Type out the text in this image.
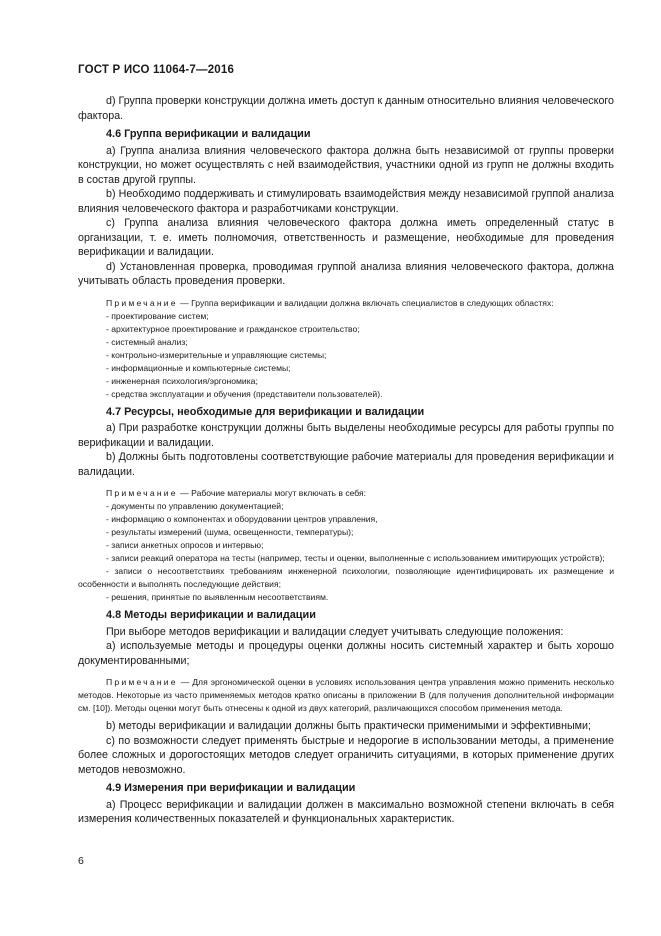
ГОСТ Р ИСО 11064-7—2016

d) Группа проверки конструкции должна иметь доступ к данным относительно влияния человеческого фактора.

4.6 Группа верификации и валидации

а) Группа анализа влияния человеческого фактора должна быть независимой от группы проверки конструкции, но может осуществлять с ней взаимодействия, участники одной из групп не должны входить в состав другой группы.

b) Необходимо поддерживать и стимулировать взаимодействия между независимой группой анализа влияния человеческого фактора и разработчиками конструкции.

с) Группа анализа влияния человеческого фактора должна иметь определенный статус в организации, т. е. иметь полномочия, ответственность и размещение, необходимые для проведения верификации и валидации.

d) Установленная проверка, проводимая группой анализа влияния человеческого фактора, должна учитывать область проведения проверки.

Примечание — Группа верификации и валидации должна включать специалистов в следующих областях:

- проектирование систем;

- архитектурное проектирование и гражданское строительство;

- системный анализ;

- контрольно-измерительные и управляющие системы;

- информационные и компьютерные системы;

- инженерная психология/эргономика;

- средства эксплуатации и обучения (представители пользователей).

4.7 Ресурсы, необходимые для верификации и валидации

а) При разработке конструкции должны быть выделены необходимые ресурсы для работы группы по верификации и валидации.

b) Должны быть подготовлены соответствующие рабочие материалы для проведения верификации и валидации.

Примечание — Рабочие материалы могут включать в себя:

- документы по управлению документацией;

- информацию о компонентах и оборудовании центров управления,

- результаты измерений (шума, освещенности, температуры);

- записи анкетных опросов и интервью;

- записи реакций оператора на тесты (например, тесты и оценки, выполненные с использованием имитирующих устройств);

- записи о несоответствиях требованиям инженерной психологии, позволяющие идентифицировать их размещение и особенности и выполнять последующие действия;

- решения, принятые по выявленным несоответствиям.

4.8 Методы верификации и валидации

При выборе методов верификации и валидации следует учитывать следующие положения:

а) используемые методы и процедуры оценки должны носить системный характер и быть хорошо документированными;

Примечание — Для эргономической оценки в условиях использования центра управления можно применить несколько методов. Некоторые из часто применяемых методов кратко описаны в приложении В (для получения дополнительной информации см. [10]). Методы оценки могут быть отнесены к одной из двух категорий, различающихся способом применения метода.

b) методы верификации и валидации должны быть практически применимыми и эффективными;

с) по возможности следует применять быстрые и недорогие в использовании методы, а применение более сложных и дорогостоящих методов следует ограничить ситуациями, в которых применение других методов невозможно.

4.9 Измерения при верификации и валидации

а) Процесс верификации и валидации должен в максимально возможной степени включать в себя измерения количественных показателей и функциональных характеристик.

6
